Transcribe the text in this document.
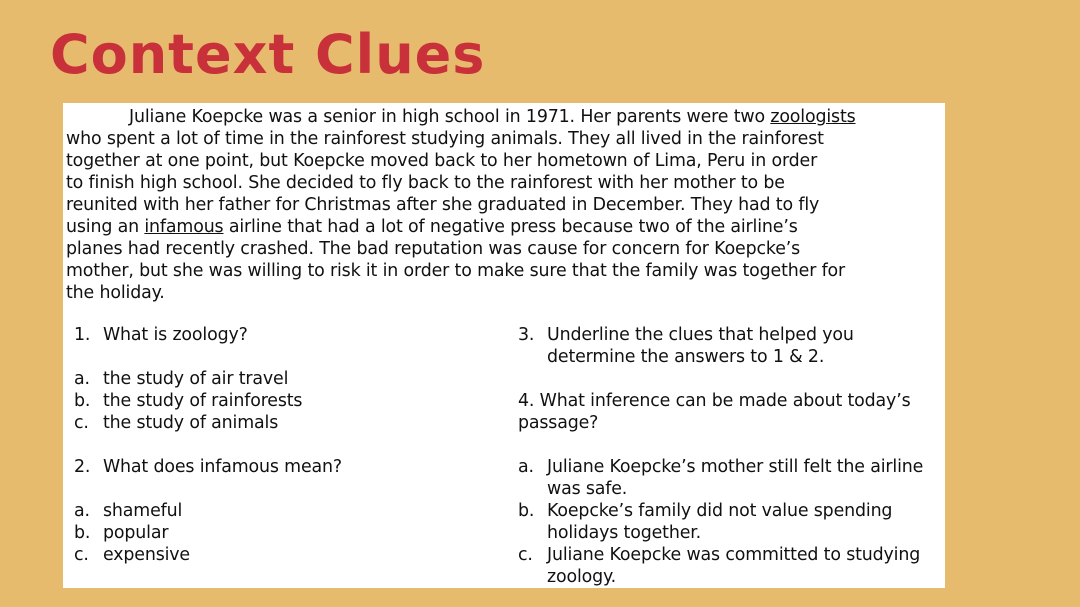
Context Clues

Juliane Koepcke was a senior in high school in 1971. Her parents were two zoologists
who spent a lot of time in the rainforest studying animals. They all lived in the rainforest
together at one point, but Koepcke moved back to her hometown of Lima, Peru in order
to finish high school. She decided to fly back to the rainforest with her mother to be
reunited with her father for Christmas after she graduated in December. They had to fly
using an infamous airline that had a lot of negative press because two of the airline’s
planes had recently crashed. The bad reputation was cause for concern for Koepcke’s
mother, but she was willing to risk it in order to make sure that the family was together for
the holiday.

1. What is zoology?
a. the study of air travel
b. the study of rainforests
c. the study of animals
2. What does infamous mean?
a. shameful
b. popular
c. expensive
3. Underline the clues that helped you determine the answers to 1 & 2.
4. What inference can be made about today’s passage?
a. Juliane Koepcke’s mother still felt the airline was safe.
b. Koepcke’s family did not value spending holidays together.
c. Juliane Koepcke was committed to studying zoology.
